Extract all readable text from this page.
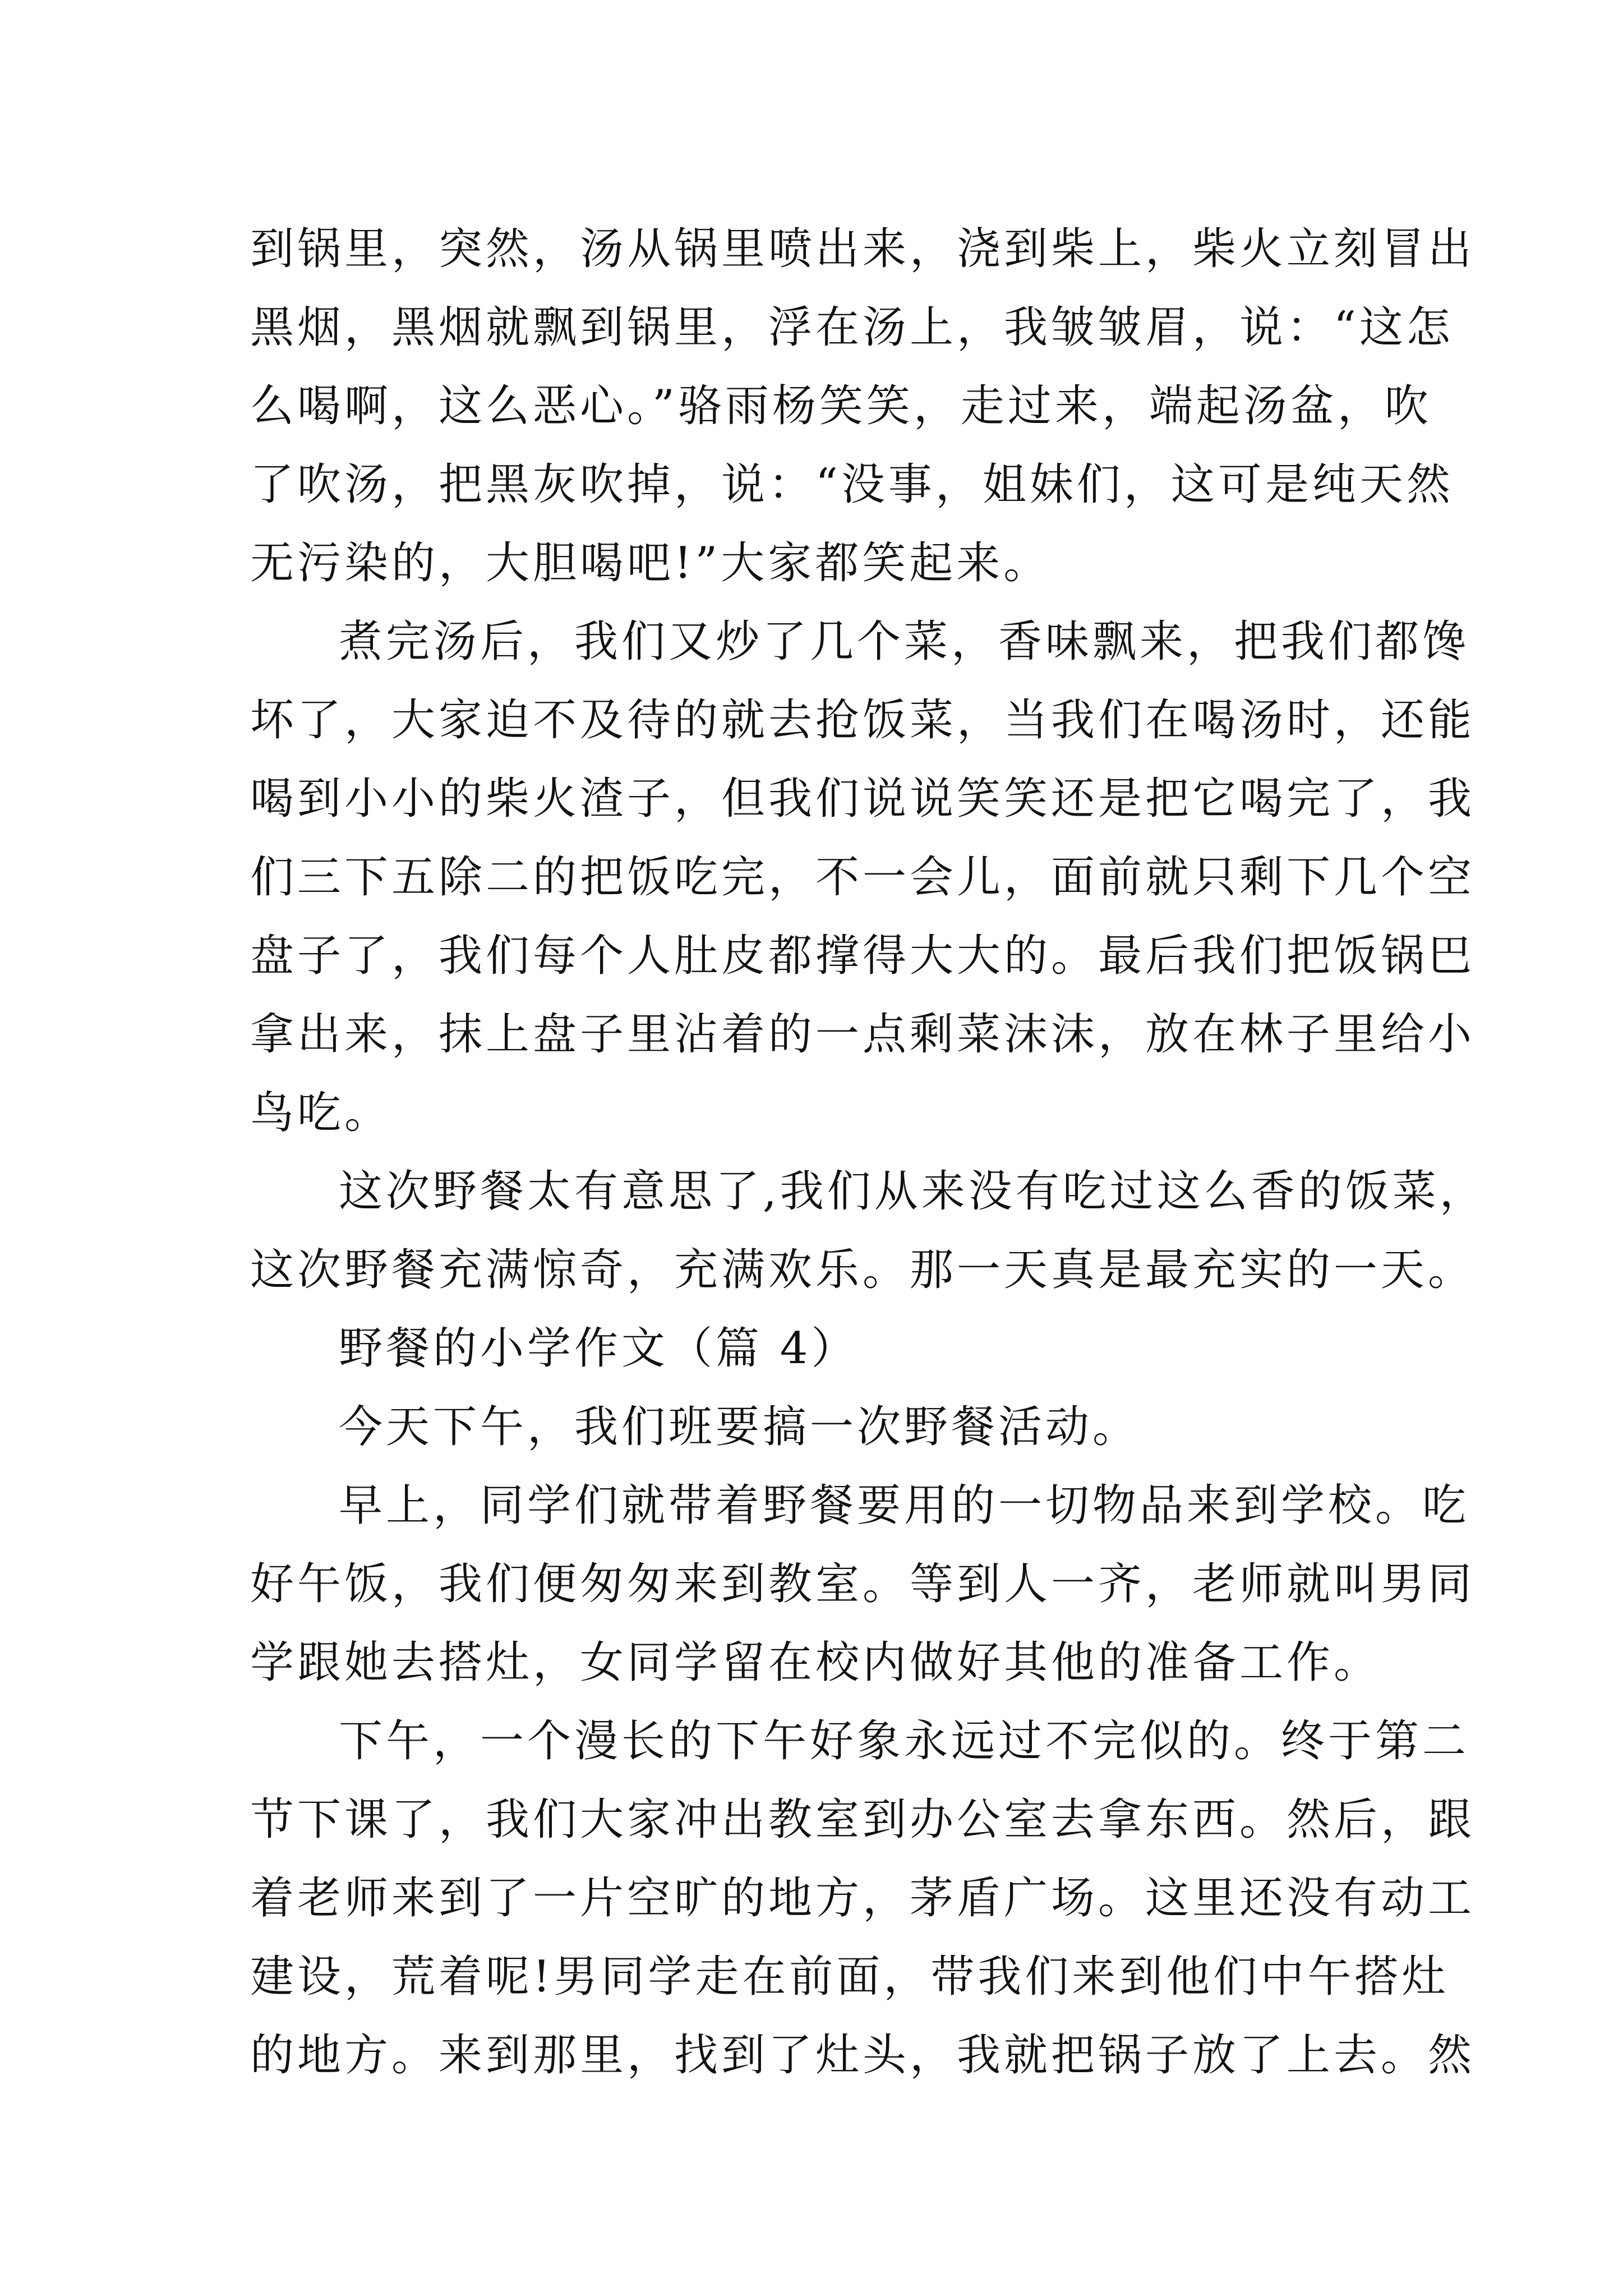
到锅里，突然，汤从锅里喷出来，浇到柴上，柴火立刻冒出
黑烟，黑烟就飘到锅里，浮在汤上，我皱皱眉，说：“这怎
么喝啊，这么恶心。”骆雨杨笑笑，走过来，端起汤盆，吹
了吹汤，把黑灰吹掉，说：“没事，姐妹们，这可是纯天然
无污染的，大胆喝吧!”大家都笑起来。
煮完汤后，我们又炒了几个菜，香味飘来，把我们都馋
坏了，大家迫不及待的就去抢饭菜，当我们在喝汤时，还能
喝到小小的柴火渣子，但我们说说笑笑还是把它喝完了，我
们三下五除二的把饭吃完，不一会儿，面前就只剩下几个空
盘子了，我们每个人肚皮都撑得大大的。最后我们把饭锅巴
拿出来，抹上盘子里沾着的一点剩菜沫沫，放在林子里给小
鸟吃。
这次野餐太有意思了,我们从来没有吃过这么香的饭菜，
这次野餐充满惊奇，充满欢乐。那一天真是最充实的一天。
野餐的小学作文（篇 4）
今天下午，我们班要搞一次野餐活动。
早上，同学们就带着野餐要用的一切物品来到学校。吃
好午饭，我们便匆匆来到教室。等到人一齐，老师就叫男同
学跟她去搭灶，女同学留在校内做好其他的准备工作。
下午，一个漫长的下午好象永远过不完似的。终于第二
节下课了，我们大家冲出教室到办公室去拿东西。然后，跟
着老师来到了一片空旷的地方，茅盾广场。这里还没有动工
建设，荒着呢!男同学走在前面，带我们来到他们中午搭灶
的地方。来到那里，找到了灶头，我就把锅子放了上去。然
